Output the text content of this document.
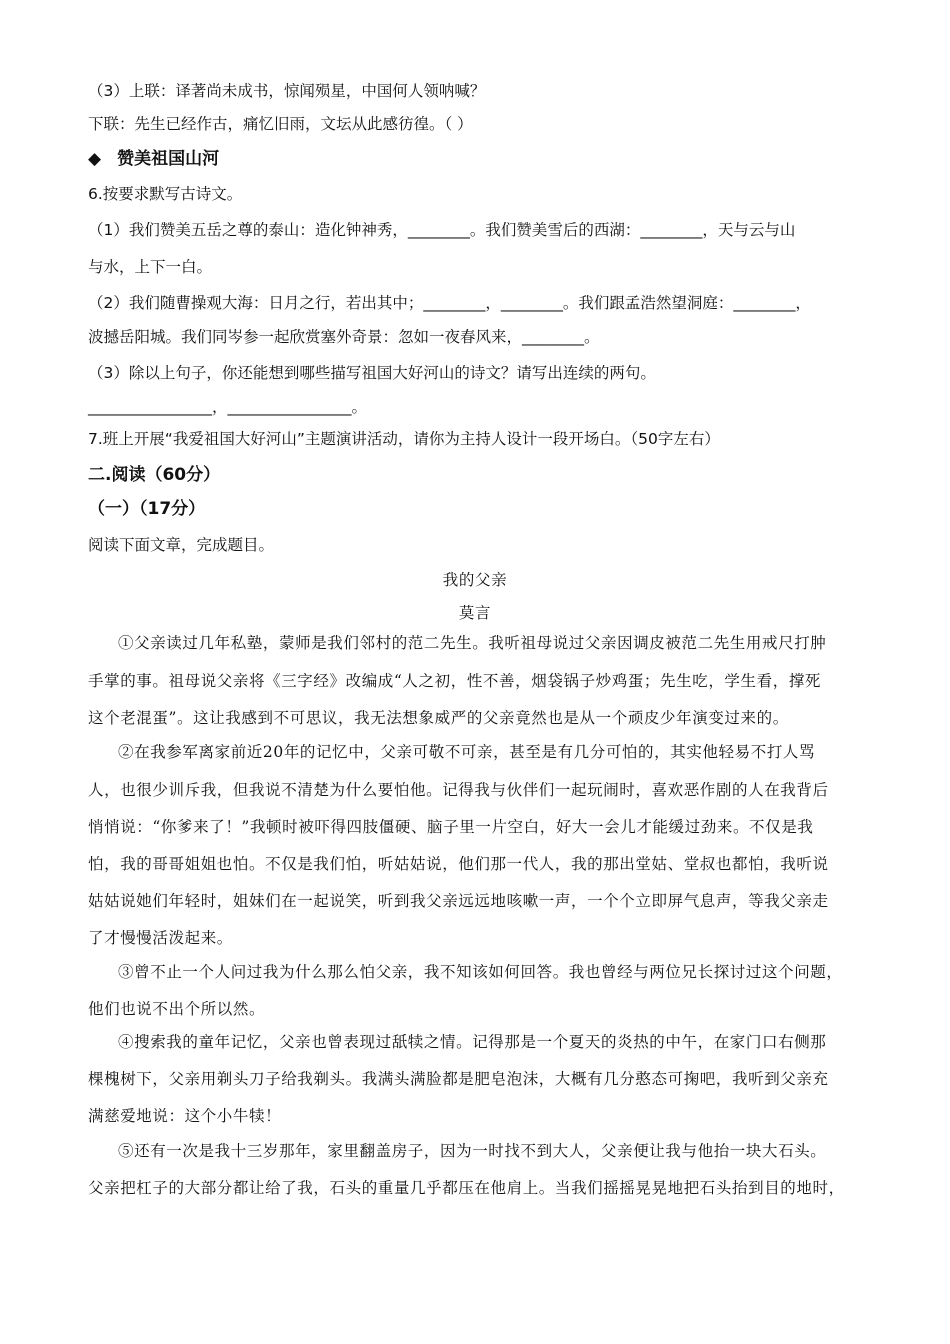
（3）上联：译著尚未成书，惊闻殒星，中国何人领呐喊？
下联：先生已经作古，痛忆旧雨，文坛从此感彷徨。（ ）
◆ 赞美祖国山河
6.按要求默写古诗文。
（1）我们赞美五岳之尊的泰山：造化钟神秀，________。我们赞美雪后的西湖：________，天与云与山
与水，上下一白。
（2）我们随曹操观大海：日月之行，若出其中；________，________。我们跟孟浩然望洞庭：________，
波撼岳阳城。我们同岑参一起欣赏塞外奇景：忽如一夜春风来，________。
（3）除以上句子，你还能想到哪些描写祖国大好河山的诗文？请写出连续的两句。
________________，________________。
7.班上开展“我爱祖国大好河山”主题演讲活动，请你为主持人设计一段开场白。（50字左右）
二.阅读（60分）
（一）（17分）
阅读下面文章，完成题目。
我的父亲
莫言
①父亲读过几年私塾，蒙师是我们邻村的范二先生。我听祖母说过父亲因调皮被范二先生用戒尺打肿
手掌的事。祖母说父亲将《三字经》改编成“人之初，性不善，烟袋锅子炒鸡蛋；先生吃，学生看，撑死
这个老混蛋”。这让我感到不可思议，我无法想象威严的父亲竟然也是从一个顽皮少年演变过来的。
②在我参军离家前近20年的记忆中，父亲可敬不可亲，甚至是有几分可怕的，其实他轻易不打人骂
人，也很少训斥我，但我说不清楚为什么要怕他。记得我与伙伴们一起玩闹时，喜欢恶作剧的人在我背后
悄悄说：“你爹来了！”我顿时被吓得四肢僵硬、脑子里一片空白，好大一会儿才能缓过劲来。不仅是我
怕，我的哥哥姐姐也怕。不仅是我们怕，听姑姑说，他们那一代人，我的那出堂姑、堂叔也都怕，我听说
姑姑说她们年轻时，姐妹们在一起说笑，听到我父亲远远地咳嗽一声，一个个立即屏气息声，等我父亲走
了才慢慢活泼起来。
③曾不止一个人问过我为什么那么怕父亲，我不知该如何回答。我也曾经与两位兄长探讨过这个问题，
他们也说不出个所以然。
④搜索我的童年记忆，父亲也曾表现过舐犊之情。记得那是一个夏天的炎热的中午，在家门口右侧那
棵槐树下，父亲用剃头刀子给我剃头。我满头满脸都是肥皂泡沫，大概有几分憨态可掬吧，我听到父亲充
满慈爱地说：这个小牛犊！
⑤还有一次是我十三岁那年，家里翻盖房子，因为一时找不到大人，父亲便让我与他抬一块大石头。
父亲把杠子的大部分都让给了我，石头的重量几乎都压在他肩上。当我们摇摇晃晃地把石头抬到目的地时，
